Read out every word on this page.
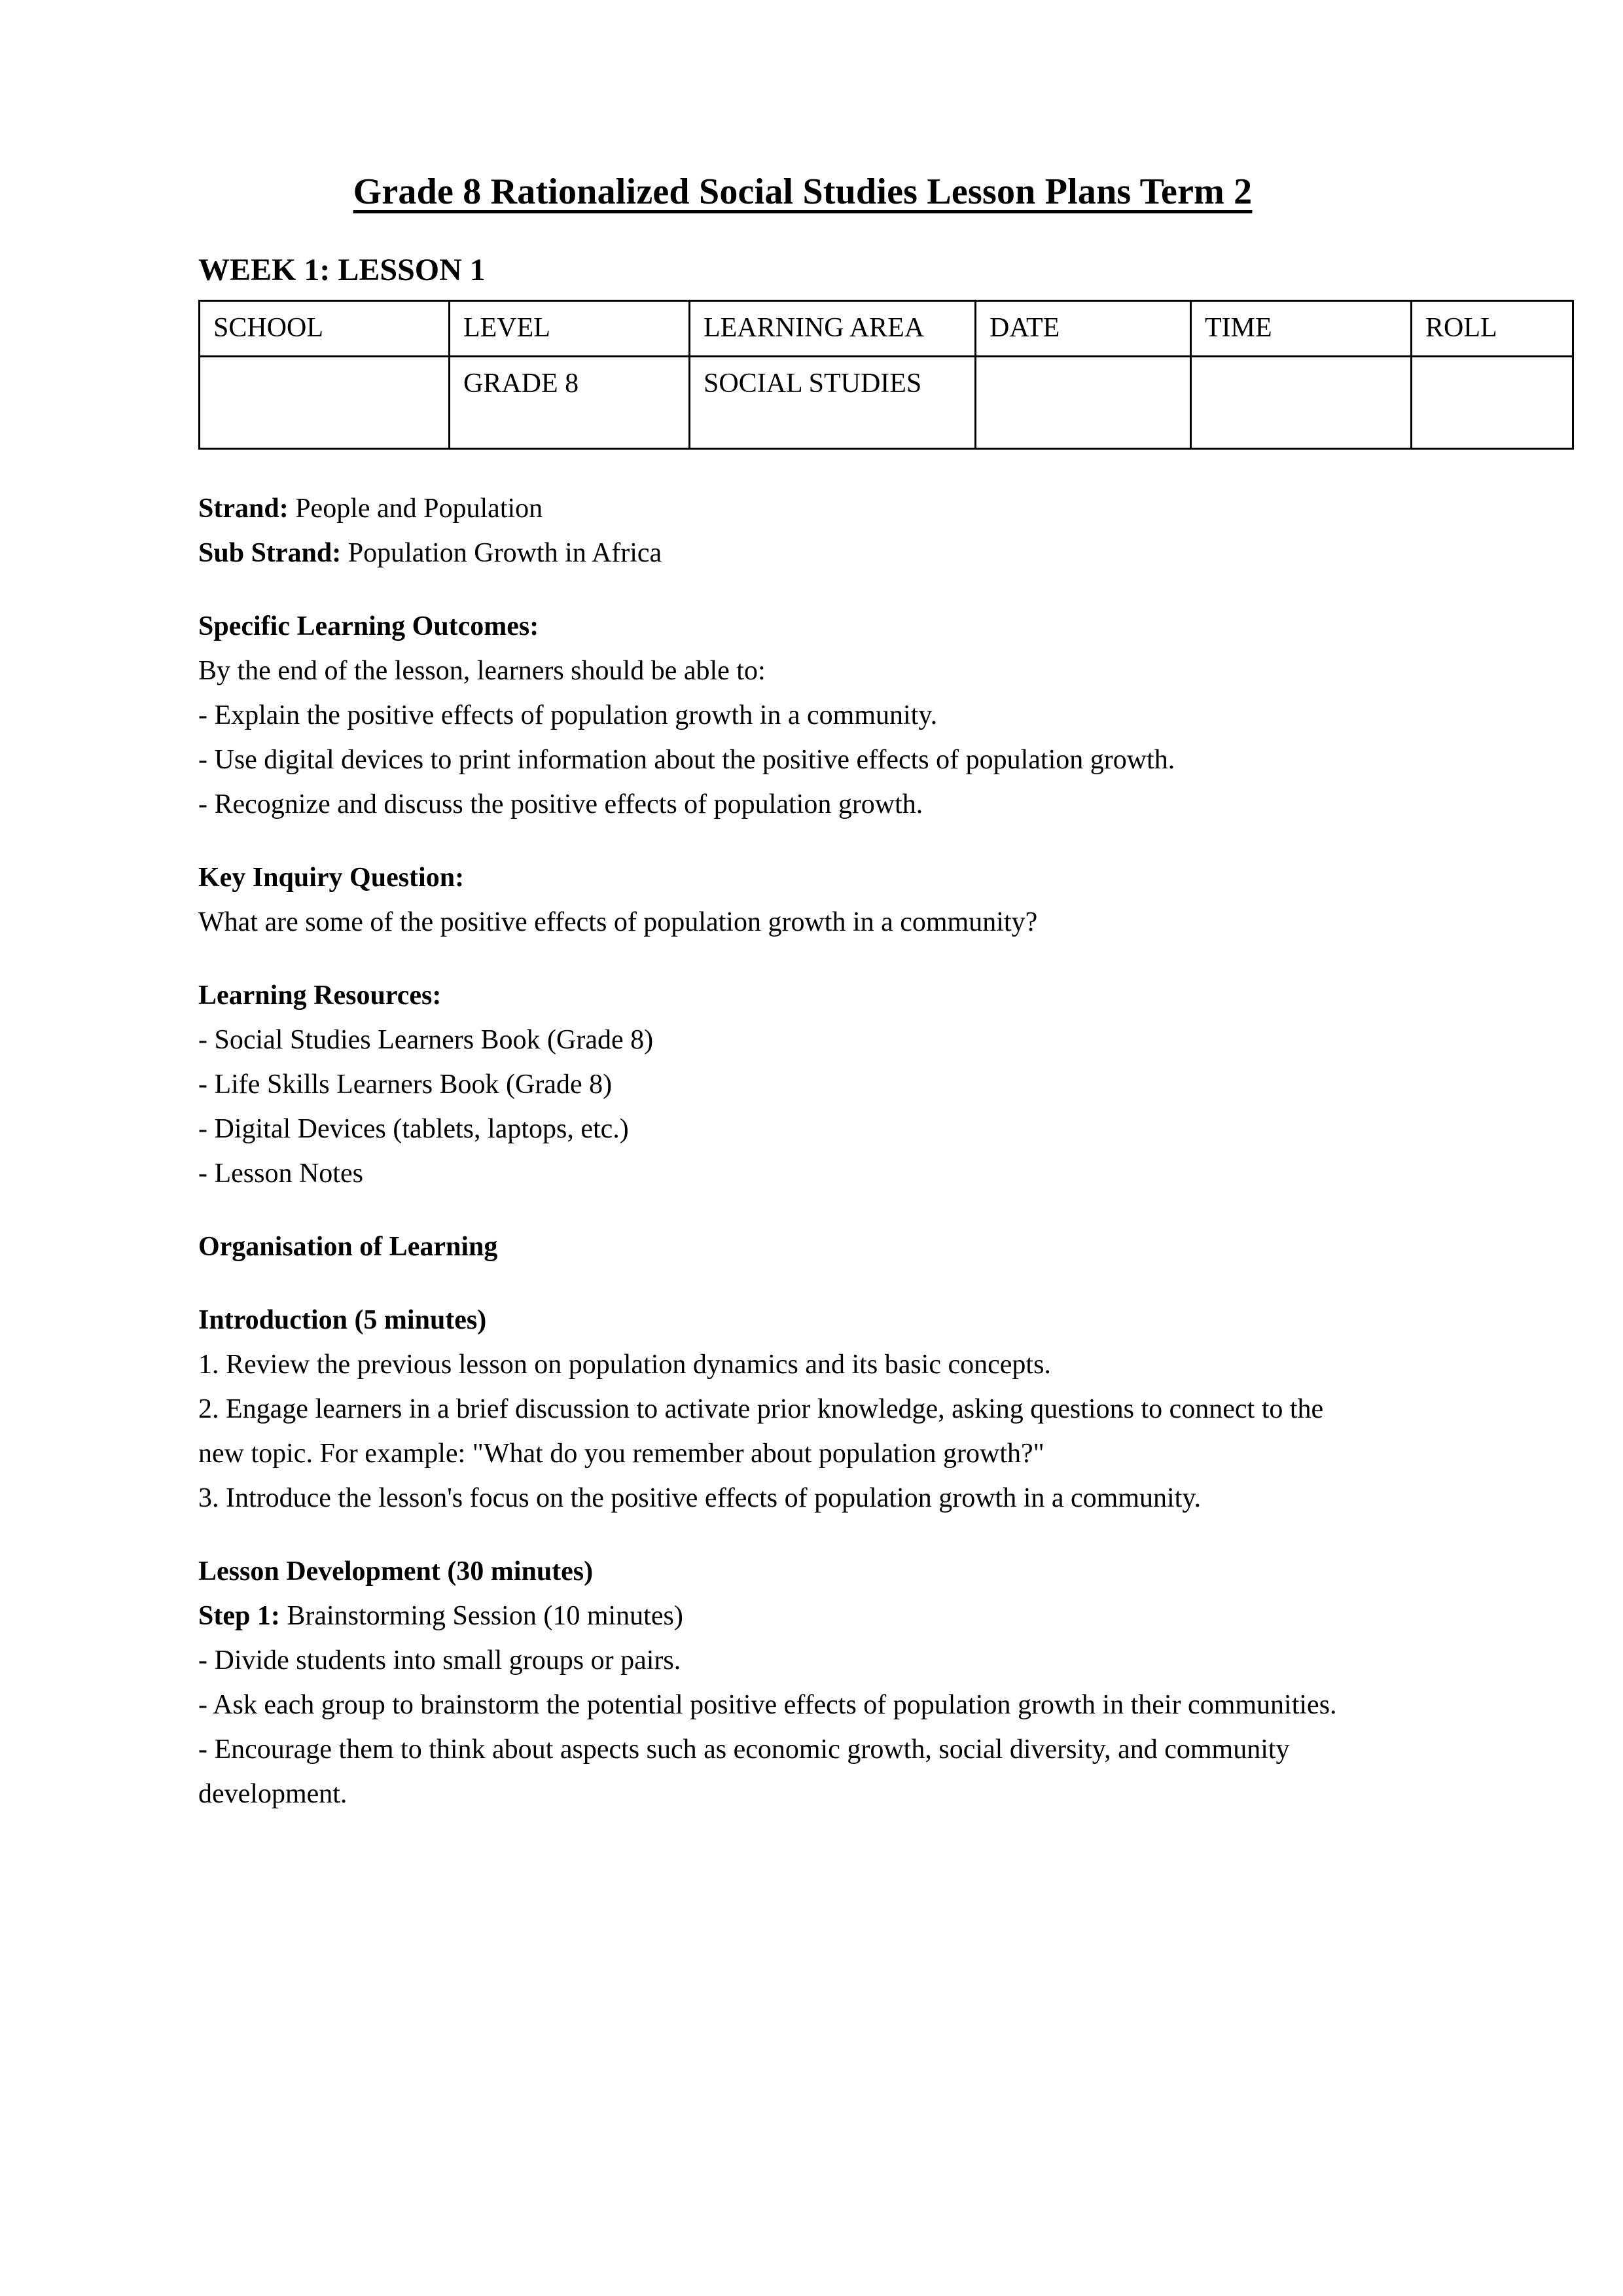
Grade 8 Rationalized Social Studies Lesson Plans Term 2
WEEK 1: LESSON 1
SCHOOL	LEVEL	LEARNING AREA	DATE	TIME	ROLL
	GRADE 8	SOCIAL STUDIES			

Strand: People and Population

Sub Strand: Population Growth in Africa

Specific Learning Outcomes:

By the end of the lesson, learners should be able to:

- Explain the positive effects of population growth in a community.

- Use digital devices to print information about the positive effects of population growth.

- Recognize and discuss the positive effects of population growth.

Key Inquiry Question:

What are some of the positive effects of population growth in a community?

Learning Resources:

- Social Studies Learners Book (Grade 8)

- Life Skills Learners Book (Grade 8)

- Digital Devices (tablets, laptops, etc.)

- Lesson Notes

Organisation of Learning
Introduction (5 minutes)

1. Review the previous lesson on population dynamics and its basic concepts.

2. Engage learners in a brief discussion to activate prior knowledge, asking questions to connect to the new topic. For example: "What do you remember about population growth?"

3. Introduce the lesson's focus on the positive effects of population growth in a community.

Lesson Development (30 minutes)

Step 1: Brainstorming Session (10 minutes)

- Divide students into small groups or pairs.

- Ask each group to brainstorm the potential positive effects of population growth in their communities.

- Encourage them to think about aspects such as economic growth, social diversity, and community development.
